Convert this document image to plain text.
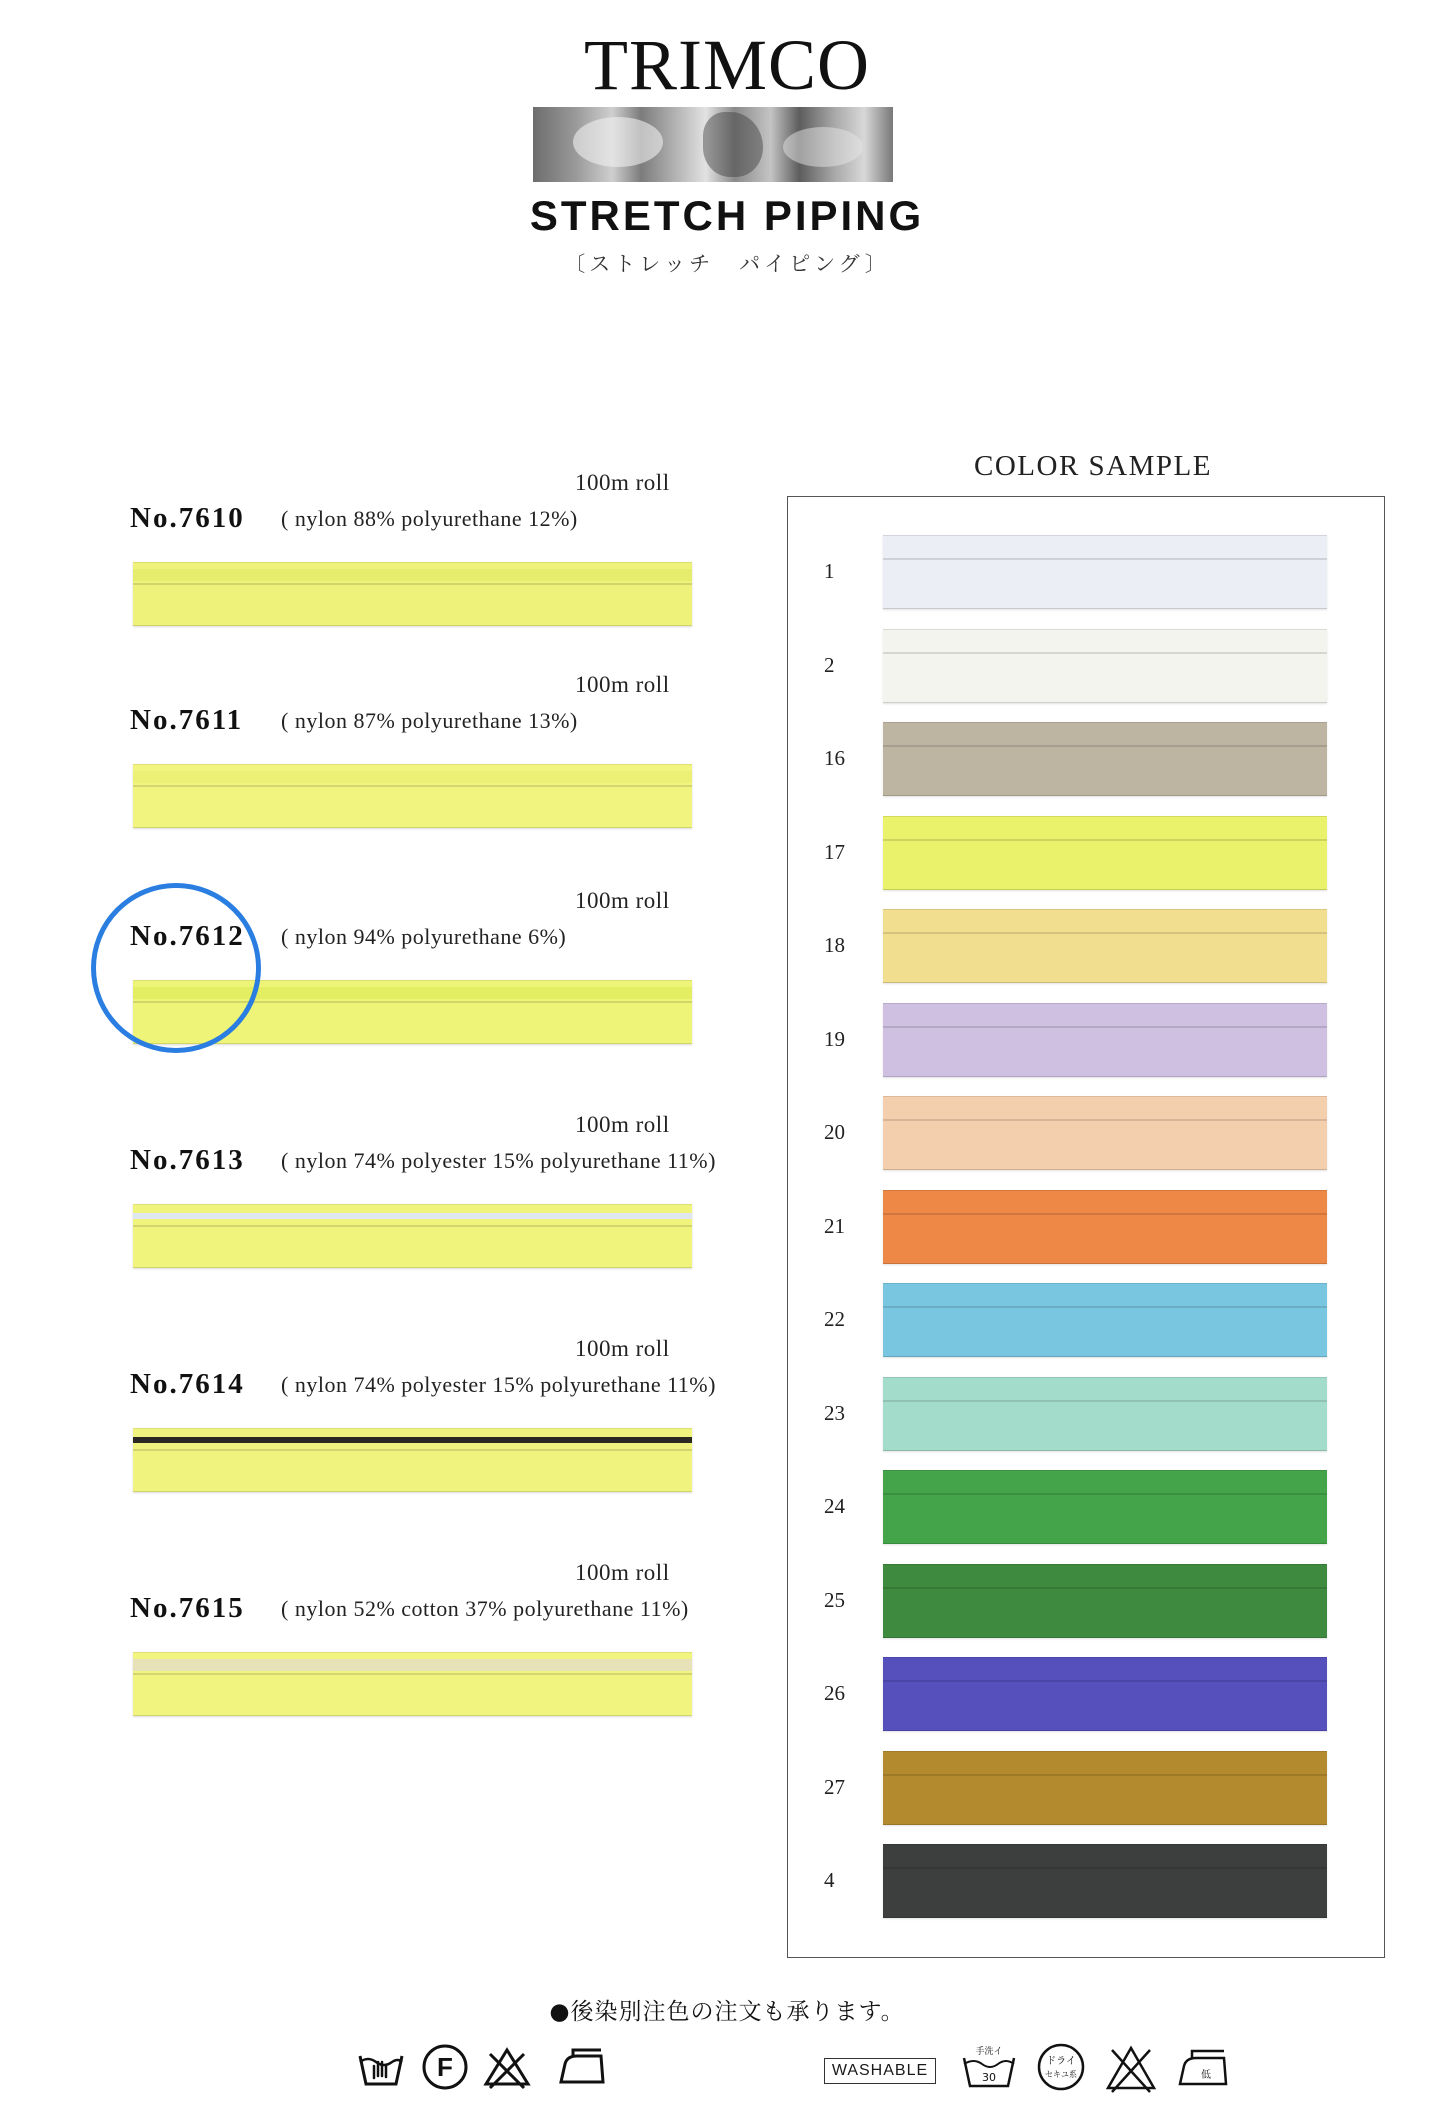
TRIMCO
STRETCH PIPING
〔ストレッチ　パイピング〕
100m roll
No.7610 ( nylon 88% polyurethane 12%)
100m roll
No.7611 ( nylon 87% polyurethane 13%)
100m roll
No.7612 ( nylon 94% polyurethane 6%)
100m roll
No.7613 ( nylon 74% polyester 15% polyurethane 11%)
100m roll
No.7614 ( nylon 74% polyester 15% polyurethane 11%)
100m roll
No.7615 ( nylon 52% cotton 37% polyurethane 11%)
COLOR SAMPLE
1
2
16
17
18
19
20
21
22
23
24
25
26
27
4
●後染別注色の注文も承ります。
F	WASHABLE
手洗イ
30
ドライ
セキユ系	低
